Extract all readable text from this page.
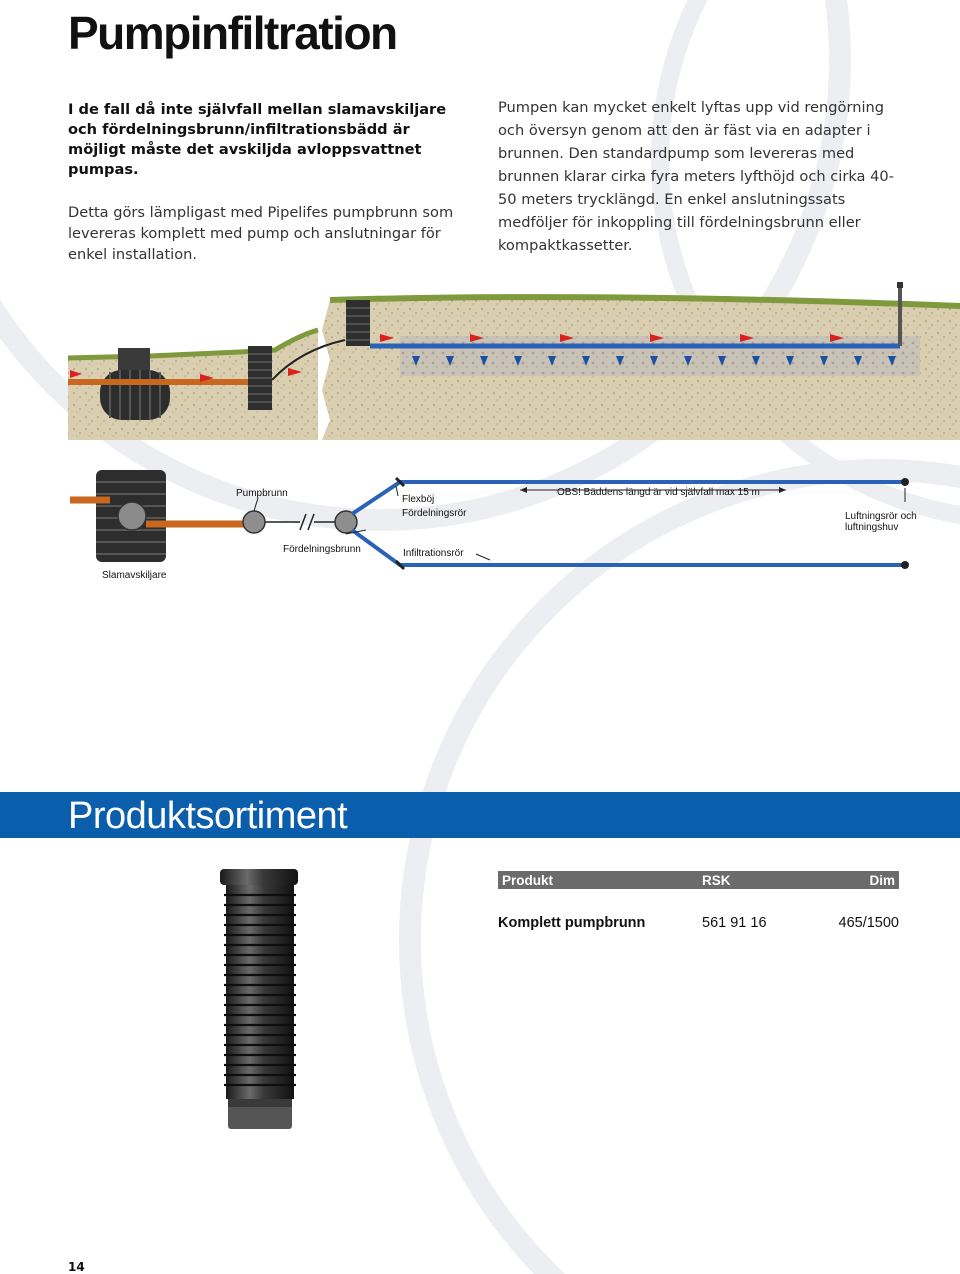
Pumpinfiltration

I de fall då inte självfall mellan slamavskiljare och fördelningsbrunn/infiltrationsbädd är möjligt måste det avskiljda avloppsvattnet pumpas.

Detta görs lämpligast med Pipelifes pumpbrunn som levereras komplett med pump och anslutningar för enkel installation.

Pumpen kan mycket enkelt lyftas upp vid rengörning och översyn genom att den är fäst via en adapter i brunnen. Den standardpump som levereras med brunnen klarar cirka fyra meters lyfthöjd och cirka 40-50 meters trycklängd. En enkel anslutningssats medföljer för inkoppling till fördelningsbrunn eller kompaktkassetter.

Pumpbrunn
Fördelningsbrunn
Slamavskiljare
Flexböj
Fördelningsrör
Infiltrationsrör
OBS! Bäddens längd är vid självfall max 15 m
Luftningsrör och
luftningshuv
Produktsortiment
Produkt	RSK	Dim
Komplett pumpbrunn	561 91 16	465/1500

14
